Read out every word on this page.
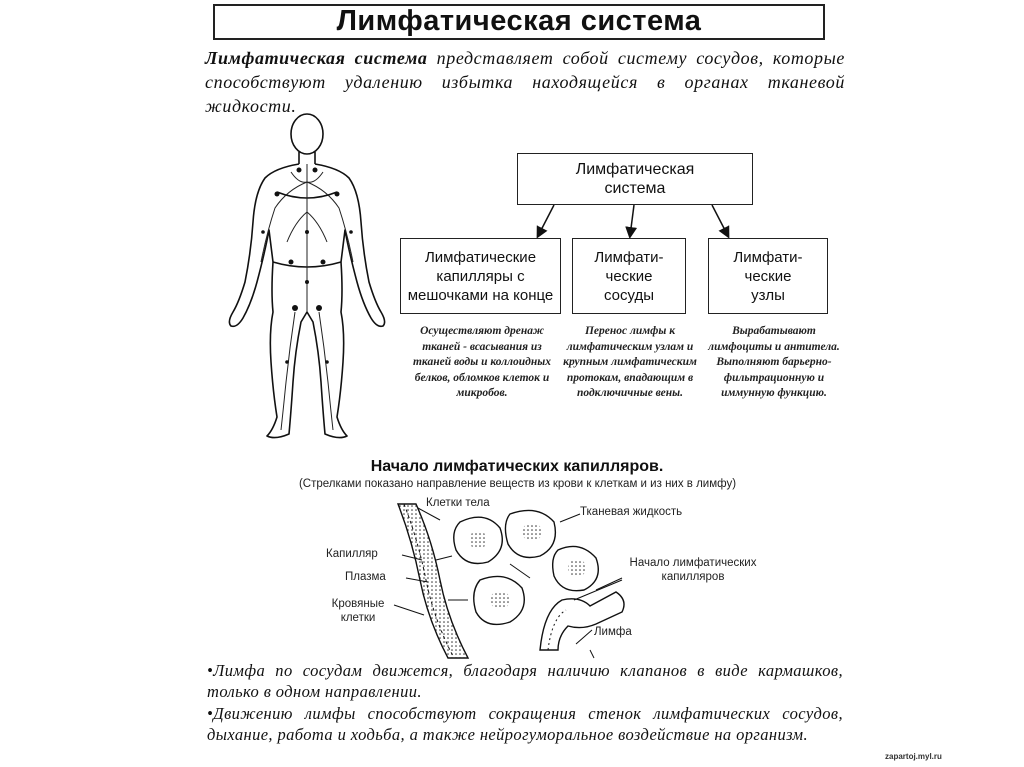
Лимфатическая система
Лимфатическая система представляет собой систему сосудов, которые способствуют удалению избытка находящейся в органах тканевой жидкости.
Лимфатическая система
Лимфатические капилляры с мешочками на конце
Лимфати- ческие сосуды
Лимфати- ческие узлы
Осуществляют дренаж тканей - всасывания из тканей воды и коллоидных белков, обломков клеток и микробов.
Перенос лимфы к лимфатическим узлам и крупным лимфатическим протокам, впадающим в подключичные вены.
Вырабатывают лимфоциты и антитела. Выполняют барьерно- фильтрационную и иммунную функцию.
Начало лимфатических капилляров.
(Стрелками показано направление веществ из крови к клеткам и из них в лимфу)
Клетки тела
Тканевая жидкость
Капилляр
Плазма
Кровяные клетки
Начало лимфатических капилляров
Лимфа
•Лимфа по сосудам движется, благодаря наличию клапанов в виде кармашков, только в одном направлении.
•Движению лимфы способствуют сокращения стенок лимфатических сосудов, дыхание, работа и ходьба, а также нейрогуморальное воздействие на организм.
zapartoj.myl.ru
